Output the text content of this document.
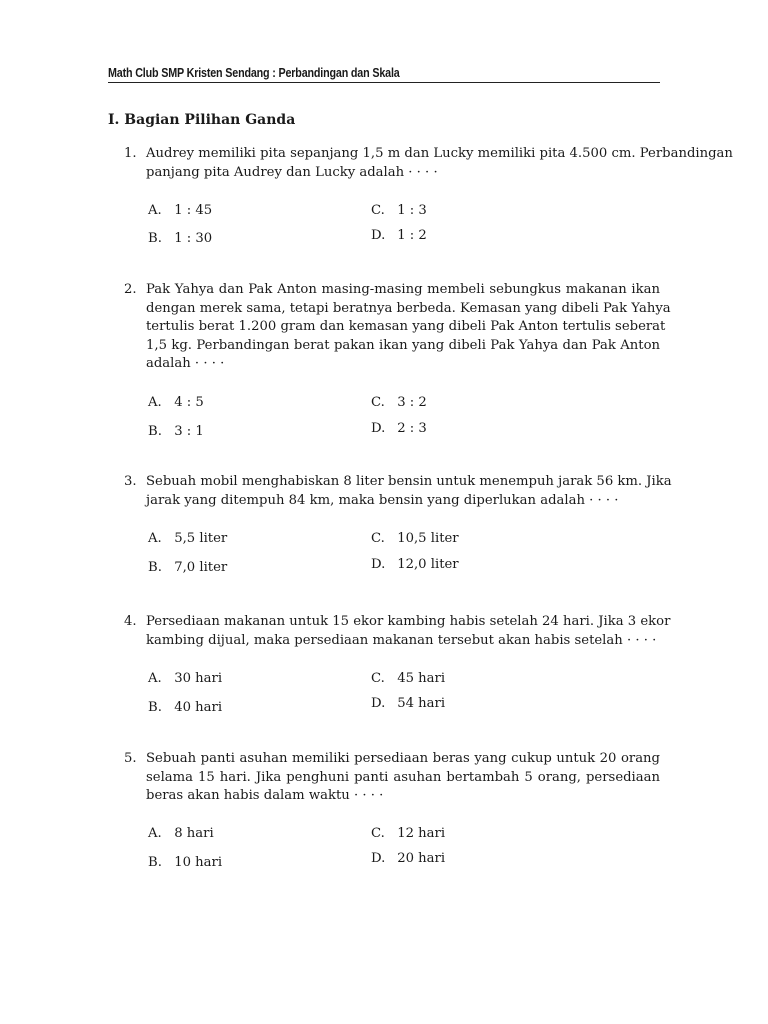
Math Club SMP Kristen Sendang : Perbandingan dan Skala
I. Bagian Pilihan Ganda
1. Audrey memiliki pita sepanjang 1,5 m dan Lucky memiliki pita 4.500 cm. Perbandingan
panjang pita Audrey dan Lucky adalah · · · ·
A. 1 : 45
B. 1 : 30
C. 1 : 3
D. 1 : 2
2. Pak Yahya dan Pak Anton masing-masing membeli sebungkus makanan ikan
dengan merek sama, tetapi beratnya berbeda. Kemasan yang dibeli Pak Yahya
tertulis berat 1.200 gram dan kemasan yang dibeli Pak Anton tertulis seberat
1,5 kg. Perbandingan berat pakan ikan yang dibeli Pak Yahya dan Pak Anton
adalah · · · ·
A. 4 : 5
B. 3 : 1
C. 3 : 2
D. 2 : 3
3. Sebuah mobil menghabiskan 8 liter bensin untuk menempuh jarak 56 km. Jika
jarak yang ditempuh 84 km, maka bensin yang diperlukan adalah · · · ·
A. 5,5 liter
B. 7,0 liter
C. 10,5 liter
D. 12,0 liter
4. Persediaan makanan untuk 15 ekor kambing habis setelah 24 hari. Jika 3 ekor
kambing dijual, maka persediaan makanan tersebut akan habis setelah · · · ·
A. 30 hari
B. 40 hari
C. 45 hari
D. 54 hari
5. Sebuah panti asuhan memiliki persediaan beras yang cukup untuk 20 orang
selama 15 hari. Jika penghuni panti asuhan bertambah 5 orang, persediaan
beras akan habis dalam waktu · · · ·
A. 8 hari
B. 10 hari
C. 12 hari
D. 20 hari
